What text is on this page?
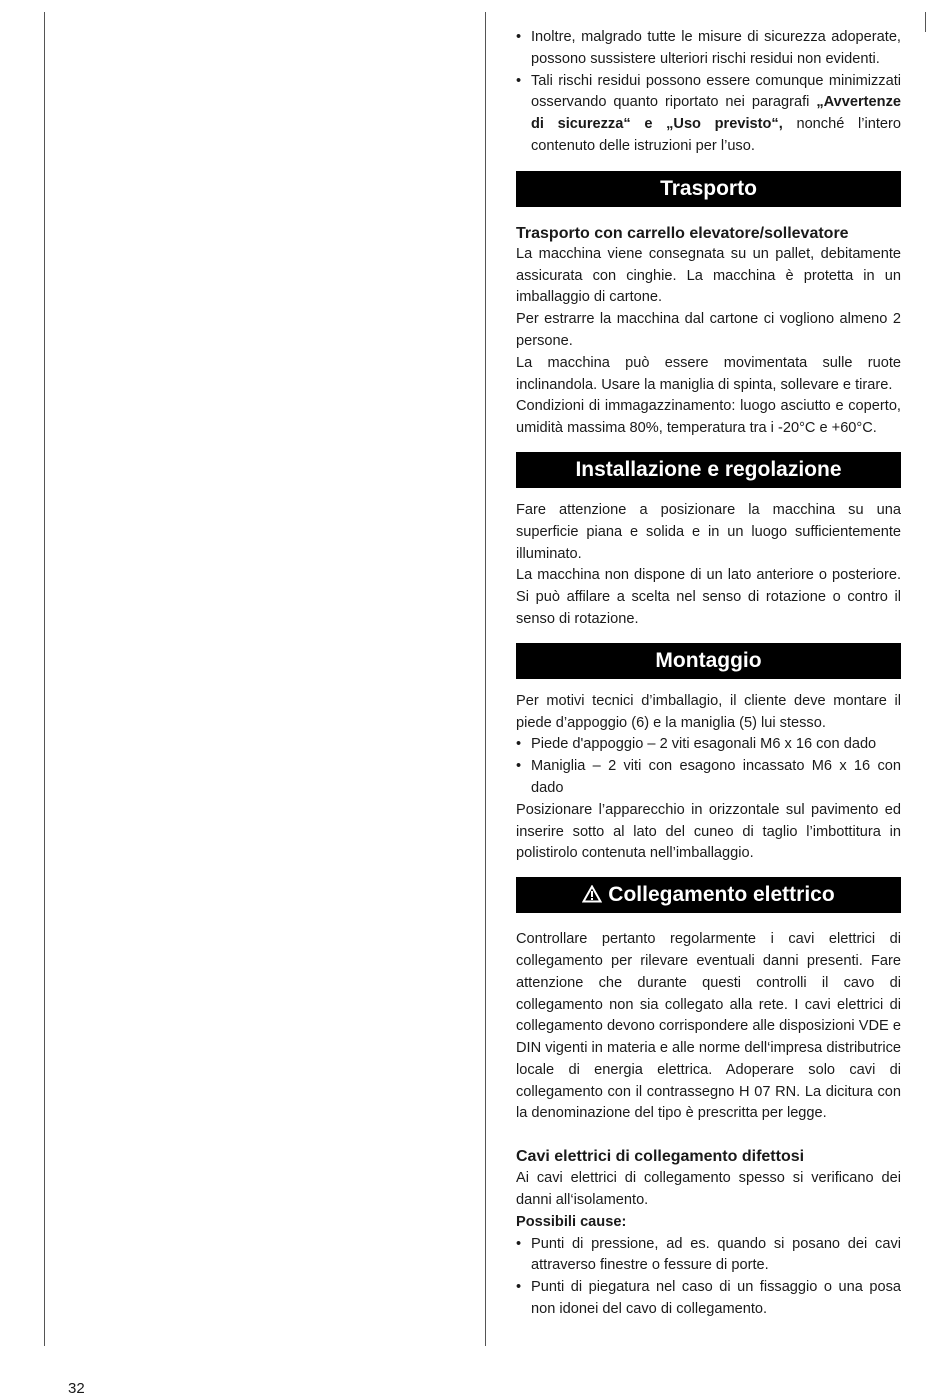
• Inoltre, malgrado tutte le misure di sicurezza adoperate, possono sussistere ulteriori rischi residui non evidenti.
• Tali rischi residui possono essere comunque minimizzati osservando quanto riportato nei paragrafi „Avvertenze di sicurezza“ e „Uso previsto“, nonché l’intero contenuto delle istruzioni per l’uso.
Trasporto
Trasporto con carrello elevatore/sollevatore

La macchina viene consegnata su un pallet, debitamente assicurata con cinghie. La macchina è protetta in un imballaggio di cartone.

Per estrarre la macchina dal cartone ci vogliono almeno 2 persone.

La macchina può essere movimentata sulle ruote inclinandola. Usare la maniglia di spinta, sollevare e tirare.

Condizioni di immagazzinamento: luogo asciutto e coperto, umidità massima 80%, temperatura tra i -20°C e +60°C.

Installazione e regolazione

Fare attenzione a posizionare la macchina su una superficie piana e solida e in un luogo sufficientemente illuminato.

La macchina non dispone di un lato anteriore o posteriore. Si può affilare a scelta nel senso di rotazione o contro il senso di rotazione.

Montaggio

Per motivi tecnici d’imballagio, il cliente deve montare il piede d’appoggio (6) e la maniglia (5) lui stesso.

• Piede d'appoggio – 2 viti esagonali M6 x 16 con dado
• Maniglia – 2 viti con esagono incassato M6 x 16 con dado

Posizionare l’apparecchio in orizzontale sul pavimento ed inserire sotto al lato del cuneo di taglio l’imbottitura in polistirolo contenuta nell’imballaggio.

Collegamento elettrico

Controllare pertanto regolarmente i cavi elettrici di collegamento per rilevare eventuali danni presenti. Fare attenzione che durante questi controlli il cavo di collegamento non sia collegato alla rete. I cavi elettrici di collegamento devono corrispondere alle disposizioni VDE e DIN vigenti in materia e alle norme dell‘impresa distributrice locale di energia elettrica. Adoperare solo cavi di collegamento con il contrassegno H 07 RN. La dicitura con la denominazione del tipo è prescritta per legge.

Cavi elettrici di collegamento difettosi

Ai cavi elettrici di collegamento spesso si verificano dei danni all‘isolamento.

Possibili cause:

• Punti di pressione, ad es. quando si posano dei cavi attraverso finestre o fessure di porte.
• Punti di piegatura nel caso di un fissaggio o una posa non idonei del cavo di collegamento.
32
